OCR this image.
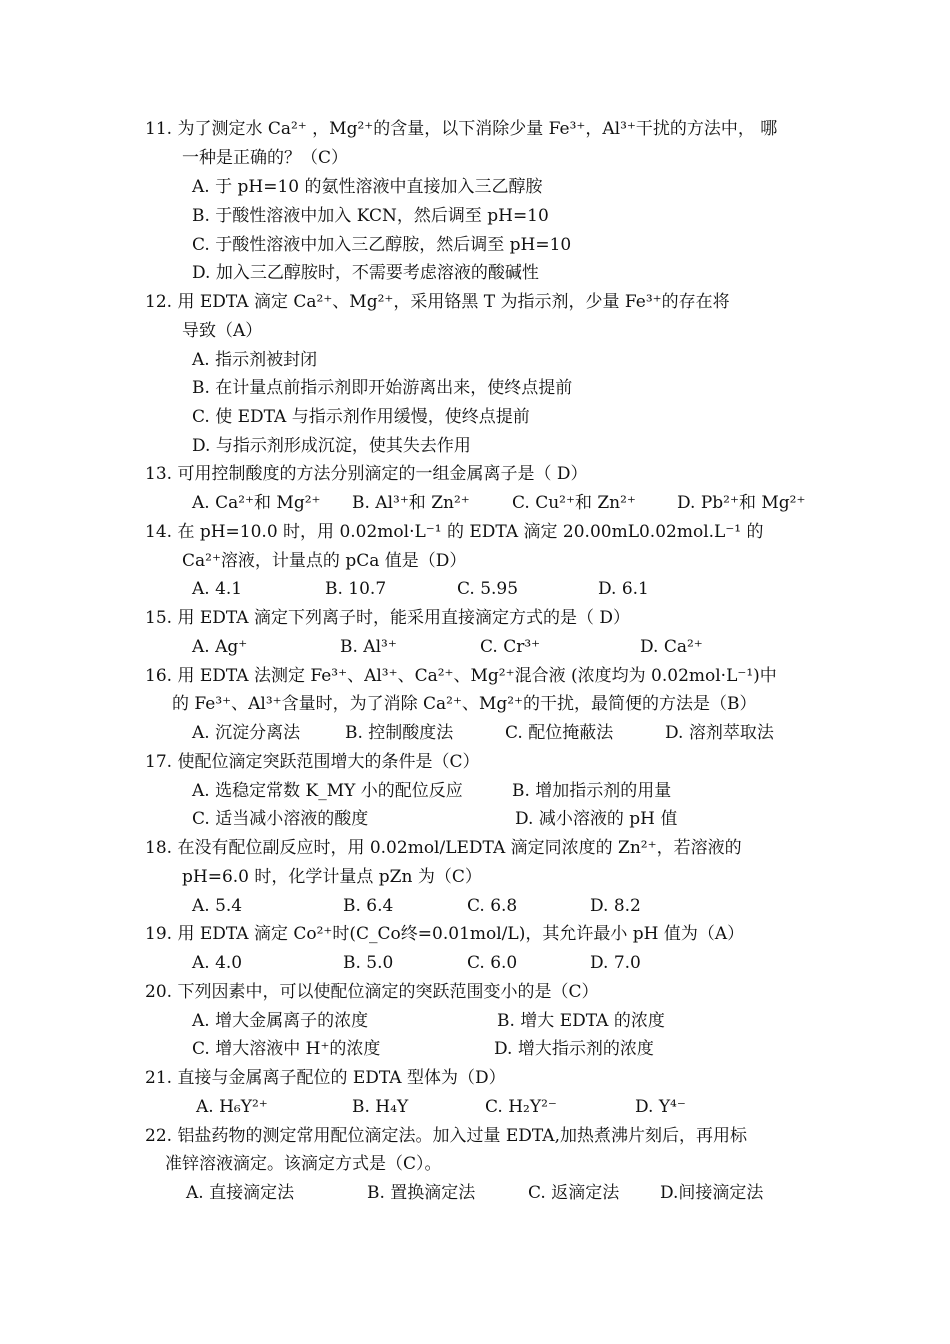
11. 为了测定水 Ca²⁺ ，Mg²⁺的含量，以下消除少量 Fe³⁺，Al³⁺干扰的方法中， 哪
一种是正确的？（C）
A. 于 pH=10 的氨性溶液中直接加入三乙醇胺
B. 于酸性溶液中加入 KCN，然后调至 pH=10
C. 于酸性溶液中加入三乙醇胺，然后调至 pH=10
D. 加入三乙醇胺时，不需要考虑溶液的酸碱性
12. 用 EDTA 滴定 Ca²⁺、Mg²⁺，采用铬黑 T 为指示剂，少量 Fe³⁺的存在将
导致（A）
A. 指示剂被封闭
B. 在计量点前指示剂即开始游离出来，使终点提前
C. 使 EDTA 与指示剂作用缓慢，使终点提前
D. 与指示剂形成沉淀，使其失去作用
13. 可用控制酸度的方法分别滴定的一组金属离子是（ D）
A. Ca²⁺和 Mg²⁺ B. Al³⁺和 Zn²⁺ C. Cu²⁺和 Zn²⁺ D. Pb²⁺和 Mg²⁺
14. 在 pH=10.0 时，用 0.02mol·L⁻¹ 的 EDTA 滴定 20.00mL0.02mol.L⁻¹ 的
Ca²⁺溶液，计量点的 pCa 值是（D）
A. 4.1	B. 10.7	C. 5.95	D. 6.1
15. 用 EDTA 滴定下列离子时，能采用直接滴定方式的是（ D）
A. Ag⁺	B. Al³⁺	C. Cr³⁺	D. Ca²⁺
16. 用 EDTA 法测定 Fe³⁺、Al³⁺、Ca²⁺、Mg²⁺混合液 (浓度均为 0.02mol·L⁻¹)中
的 Fe³⁺、Al³⁺含量时，为了消除 Ca²⁺、Mg²⁺的干扰，最简便的方法是（B）
A. 沉淀分离法	B. 控制酸度法	C. 配位掩蔽法	D. 溶剂萃取法
17. 使配位滴定突跃范围增大的条件是（C）
A. 选稳定常数 K_MY 小的配位反应	B. 增加指示剂的用量
C. 适当减小溶液的酸度	D. 减小溶液的 pH 值
18. 在没有配位副反应时，用 0.02mol/LEDTA 滴定同浓度的 Zn²⁺，若溶液的
pH=6.0 时，化学计量点 pZn 为（C）
A. 5.4	B. 6.4	C. 6.8	D. 8.2
19. 用 EDTA 滴定 Co²⁺时(C_Co终=0.01mol/L)，其允许最小 pH 值为（A）
A. 4.0	B. 5.0	C. 6.0	D. 7.0
20. 下列因素中，可以使配位滴定的突跃范围变小的是（C）
A. 增大金属离子的浓度	B. 增大 EDTA 的浓度
C. 增大溶液中 H⁺的浓度	D. 增大指示剂的浓度
21. 直接与金属离子配位的 EDTA 型体为（D）
A. H₆Y²⁺	B. H₄Y	C. H₂Y²⁻	D. Y⁴⁻
22. 铝盐药物的测定常用配位滴定法。加入过量 EDTA,加热煮沸片刻后，再用标
准锌溶液滴定。该滴定方式是（C）。
A. 直接滴定法	B. 置换滴定法	C. 返滴定法 D.间接滴定法
